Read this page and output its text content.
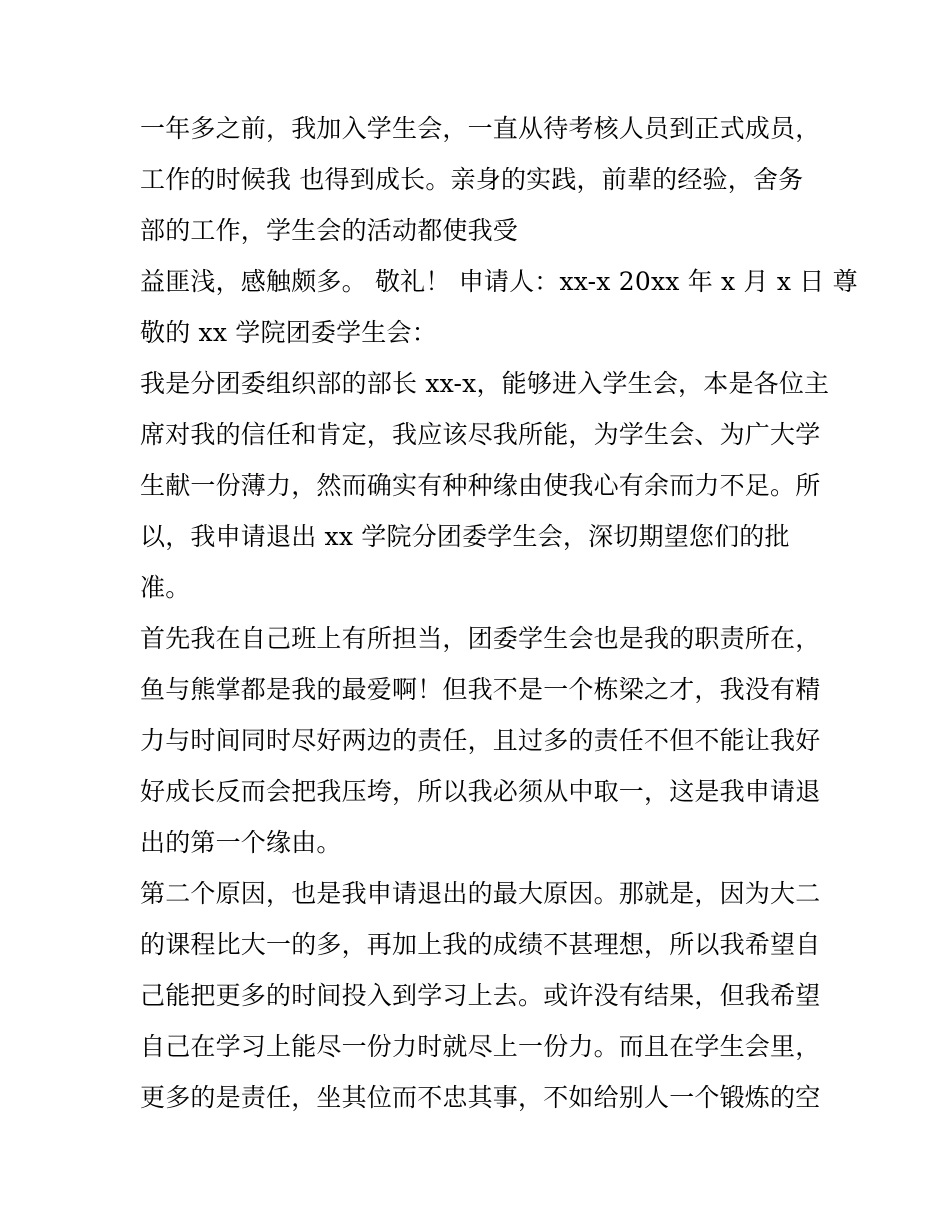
一年多之前，我加入学生会，一直从待考核人员到正式成员，
工作的时候我 也得到成长。亲身的实践，前辈的经验，舍务
部的工作，学生会的活动都使我受
益匪浅，感触颇多。 敬礼！ 申请人：xx-x 20xx 年 x 月 x 日 尊
敬的 xx 学院团委学生会：
我是分团委组织部的部长 xx-x，能够进入学生会，本是各位主
席对我的信任和肯定，我应该尽我所能，为学生会、为广大学
生献一份薄力，然而确实有种种缘由使我心有余而力不足。所
以，我申请退出 xx 学院分团委学生会，深切期望您们的批
准。
首先我在自己班上有所担当，团委学生会也是我的职责所在，
鱼与熊掌都是我的最爱啊！但我不是一个栋梁之才，我没有精
力与时间同时尽好两边的责任，且过多的责任不但不能让我好
好成长反而会把我压垮，所以我必须从中取一，这是我申请退
出的第一个缘由。
第二个原因，也是我申请退出的最大原因。那就是，因为大二
的课程比大一的多，再加上我的成绩不甚理想，所以我希望自
己能把更多的时间投入到学习上去。或许没有结果，但我希望
自己在学习上能尽一份力时就尽上一份力。而且在学生会里，
更多的是责任，坐其位而不忠其事，不如给别人一个锻炼的空
